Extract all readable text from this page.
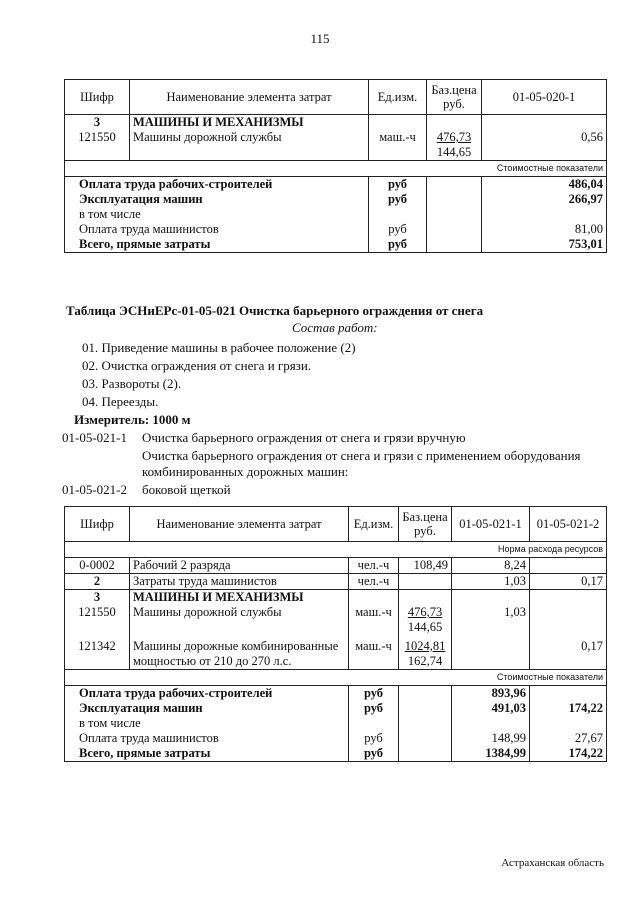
115
Шифр	Наименование элемента затрат	Ед.изм.	Баз.цена руб.	01-05-020-1
3	МАШИНЫ И МЕХАНИЗМЫ			
121550	Машины дорожной службы	маш.-ч	476,73	0,56
			144,65	
Стоимостные показатели				
Оплата труда рабочих-строителей		руб		486,04
Эксплуатация машин		руб		266,97
в том числе				
Оплата труда машинистов		руб		81,00
Всего, прямые затраты		руб		753,01
Таблица ЭСНиЕРс-01-05-021 Очистка барьерного ограждения от снега
Состав работ:
01. Приведение машины в рабочее положение (2)
02. Очистка ограждения от снега и грязи.
03. Развороты (2).
04. Переезды.
Измеритель: 1000 м
01-05-021-1 Очистка барьерного ограждения от снега и грязи вручную
Очистка барьерного ограждения от снега и грязи с применением оборудования
комбинированных дорожных машин:
01-05-021-2 боковой щеткой
Шифр	Наименование элемента затрат	Ед.изм.	Баз.цена руб.	01-05-021-1	01-05-021-2
Норма расхода ресурсов					
0-0002	Рабочий 2 разряда	чел.-ч	108,49	8,24	
2	Затраты труда машинистов	чел.-ч		1,03	0,17
3	МАШИНЫ И МЕХАНИЗМЫ				
121550	Машины дорожной службы	маш.-ч	476,73	1,03	
			144,65		
121342	Машины дорожные комбинированные	маш.-ч	1024,81		0,17
	мощностью от 210 до 270 л.с.		162,74		
Стоимостные показатели					
Оплата труда рабочих-строителей		руб		893,96	
Эксплуатация машин		руб		491,03	174,22
в том числе					
Оплата труда машинистов		руб		148,99	27,67
Всего, прямые затраты		руб		1384,99	174,22
Астраханская область
